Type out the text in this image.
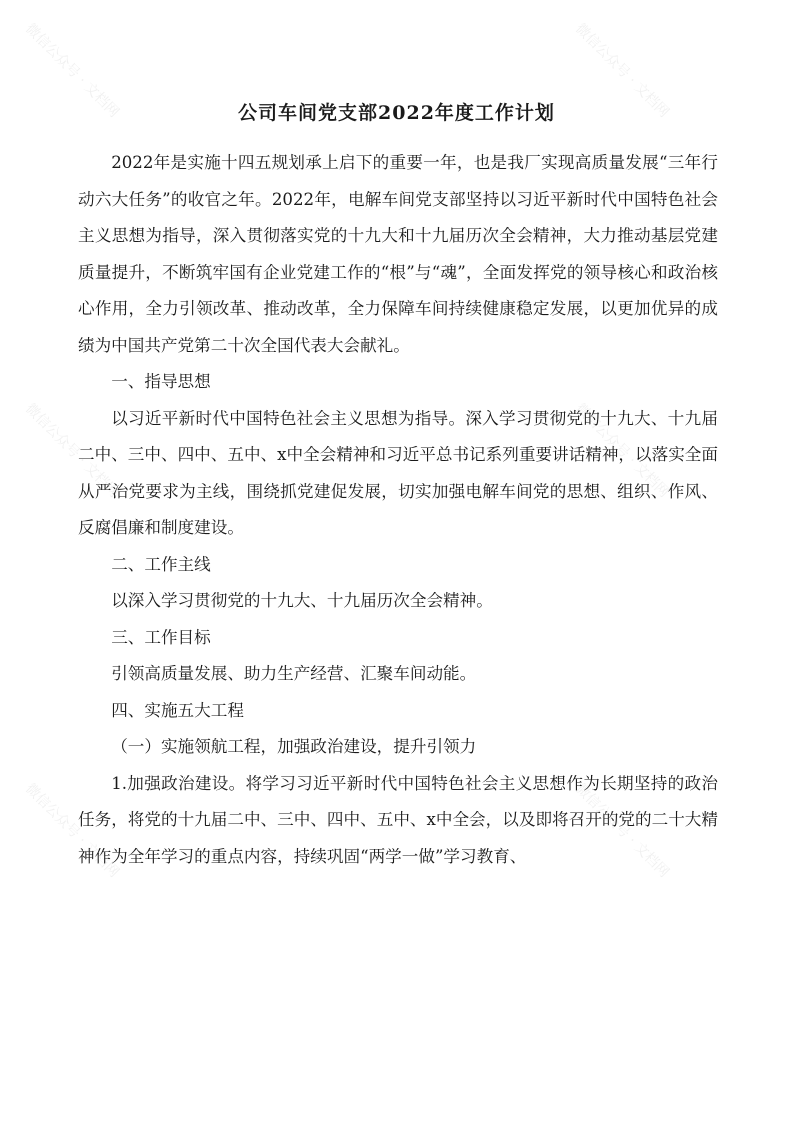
公司车间党支部2022年度工作计划

2022年是实施十四五规划承上启下的重要一年，也是我厂实现高质量发展“三年行动六大任务”的收官之年。2022年，电解车间党支部坚持以习近平新时代中国特色社会主义思想为指导，深入贯彻落实党的十九大和十九届历次全会精神，大力推动基层党建质量提升，不断筑牢国有企业党建工作的“根”与“魂”，全面发挥党的领导核心和政治核心作用，全力引领改革、推动改革，全力保障车间持续健康稳定发展，以更加优异的成绩为中国共产党第二十次全国代表大会献礼。

一、指导思想

以习近平新时代中国特色社会主义思想为指导。深入学习贯彻党的十九大、十九届二中、三中、四中、五中、x中全会精神和习近平总书记系列重要讲话精神，以落实全面从严治党要求为主线，围绕抓党建促发展，切实加强电解车间党的思想、组织、作风、反腐倡廉和制度建设。

二、工作主线

以深入学习贯彻党的十九大、十九届历次全会精神。

三、工作目标

引领高质量发展、助力生产经营、汇聚车间动能。

四、实施五大工程

（一）实施领航工程，加强政治建设，提升引领力

1.加强政治建设。将学习习近平新时代中国特色社会主义思想作为长期坚持的政治任务，将党的十九届二中、三中、四中、五中、x中全会，以及即将召开的党的二十大精神作为全年学习的重点内容，持续巩固“两学一做”学习教育、

微信公众号 · 文档网	微信公众号 · 文档网
微信公众号 · 文档网	微信公众号 · 文档网
微信公众号 · 文档网	微信公众号 · 文档网
